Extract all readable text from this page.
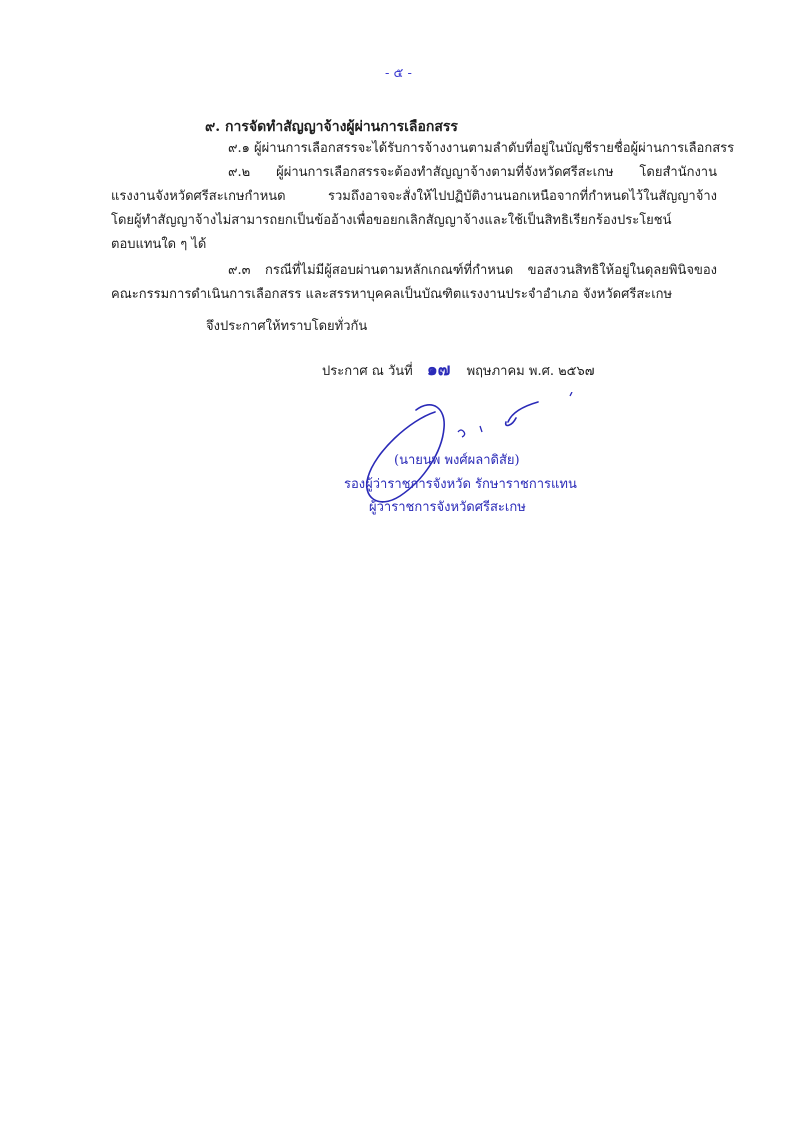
- ๕ -
๙. การจัดทำสัญญาจ้างผู้ผ่านการเลือกสรร
๙.๑ ผู้ผ่านการเลือกสรรจะได้รับการจ้างงานตามลำดับที่อยู่ในบัญชีรายชื่อผู้ผ่านการเลือกสรร
๙.๒ ผู้ผ่านการเลือกสรรจะต้องทำสัญญาจ้างตามที่จังหวัดศรีสะเกษ โดยสำนักงาน
แรงงานจังหวัดศรีสะเกษกำหนด รวมถึงอาจจะสั่งให้ไปปฏิบัติงานนอกเหนือจากที่กำหนดไว้ในสัญญาจ้าง
โดยผู้ทำสัญญาจ้างไม่สามารถยกเป็นข้ออ้างเพื่อขอยกเลิกสัญญาจ้างและใช้เป็นสิทธิเรียกร้องประโยชน์
ตอบแทนใด ๆ ได้
๙.๓ กรณีที่ไม่มีผู้สอบผ่านตามหลักเกณฑ์ที่กำหนด ขอสงวนสิทธิให้อยู่ในดุลยพินิจของ
คณะกรรมการดำเนินการเลือกสรร และสรรหาบุคคลเป็นบัณฑิตแรงงานประจำอำเภอ จังหวัดศรีสะเกษ
จึงประกาศให้ทราบโดยทั่วกัน
ประกาศ ณ วันที่ ๑๗ พฤษภาคม พ.ศ. ๒๕๖๗
(นายนพ พงศ์ผลาดิสัย)
รองผู้ว่าราชการจังหวัด รักษาราชการแทน
ผู้ว่าราชการจังหวัดศรีสะเกษ
